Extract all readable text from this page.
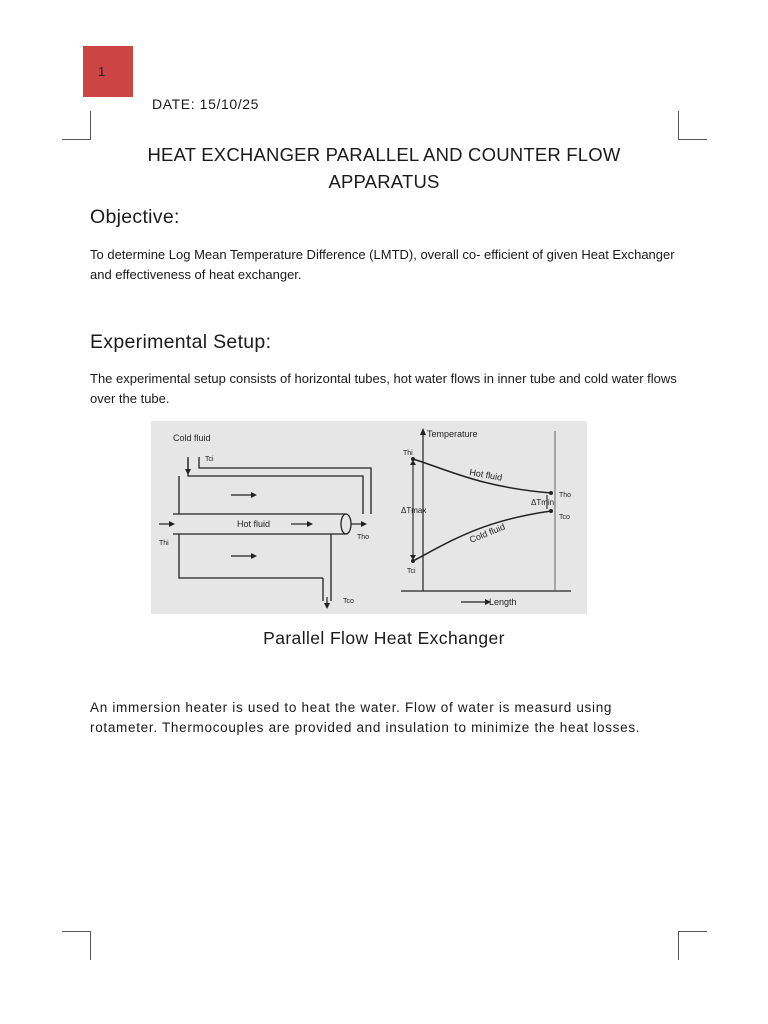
1
DATE: 15/10/25
HEAT EXCHANGER PARALLEL AND COUNTER FLOW APPARATUS
Objective:
To determine Log Mean Temperature Difference (LMTD), overall co- efficient of given Heat Exchanger and effectiveness of heat exchanger.
Experimental Setup:
The experimental setup consists of horizontal tubes, hot water flows in inner tube and cold water flows over the tube.
Cold fluid
Tci
Hot fluid
Thi
Tho
Tco
Temperature
Length
Hot fluid
Cold fluid
Thi
Tci
Tho
Tco
ΔTmax
ΔTmin
Parallel Flow Heat Exchanger
An immersion heater is used to heat the water. Flow of water is measurd using rotameter. Thermocouples are provided and insulation to minimize the heat losses.
